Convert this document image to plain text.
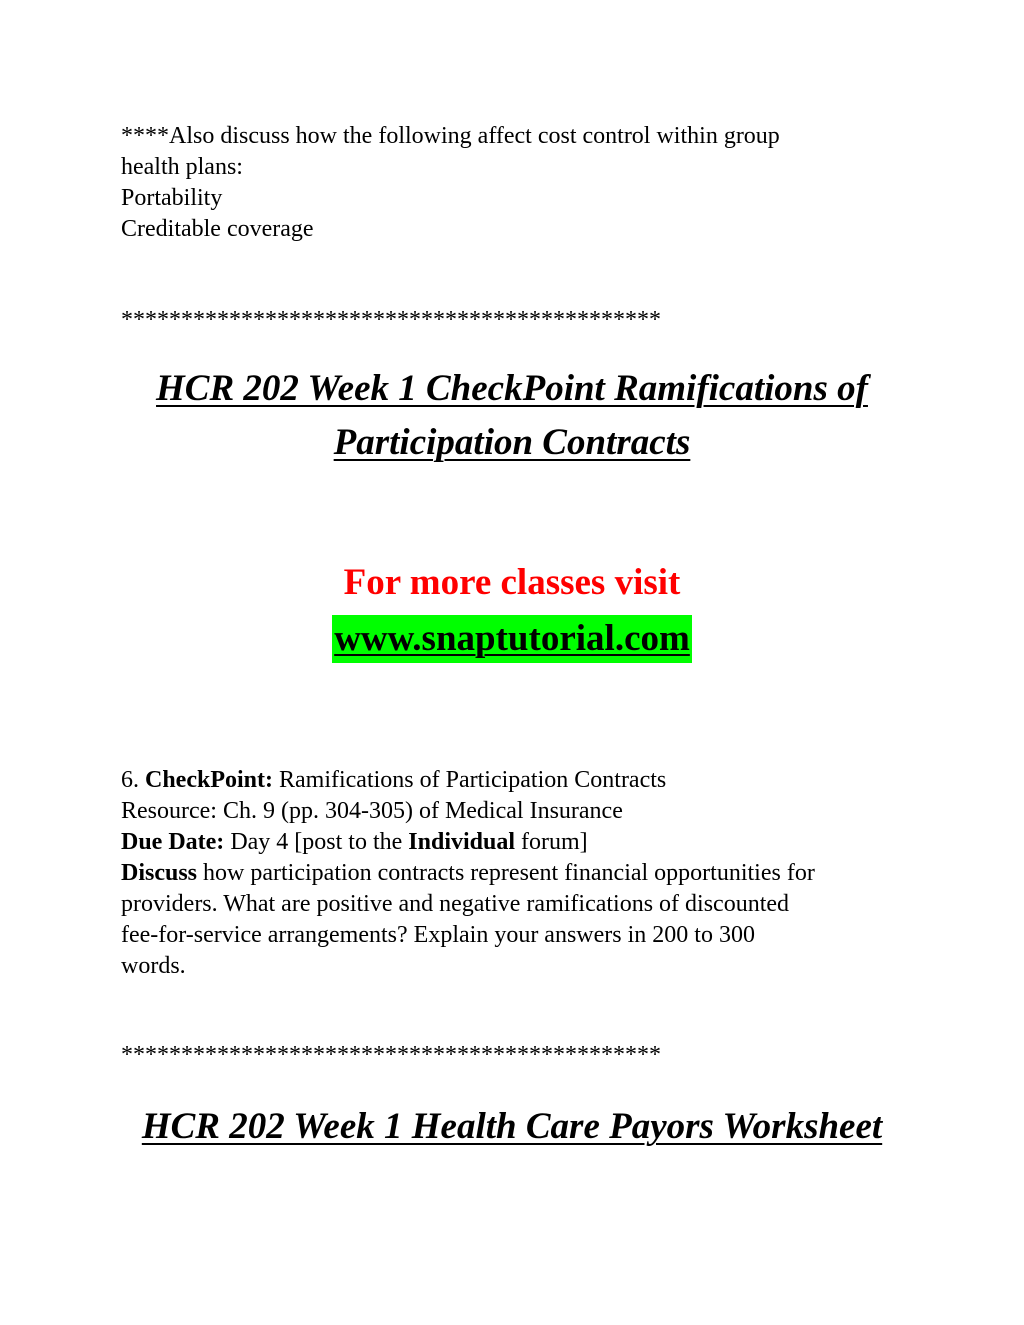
****Also discuss how the following affect cost control within group
health plans:
Portability
Creditable coverage
*********************************************
HCR 202 Week 1 CheckPoint Ramifications of
Participation Contracts
For more classes visit
www.snaptutorial.com
6. CheckPoint: Ramifications of Participation Contracts
Resource: Ch. 9 (pp. 304-305) of Medical Insurance
Due Date: Day 4 [post to the Individual forum]
Discuss how participation contracts represent financial opportunities for
providers. What are positive and negative ramifications of discounted
fee-for-service arrangements? Explain your answers in 200 to 300
words.
*********************************************
HCR 202 Week 1 Health Care Payors Worksheet
